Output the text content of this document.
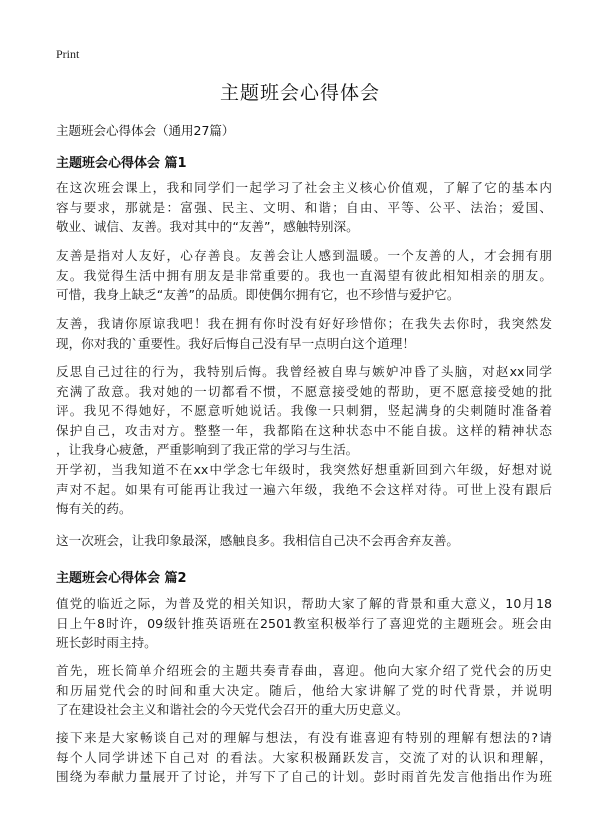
Print
主题班会心得体会
主题班会心得体会（通用27篇）
主题班会心得体会 篇1
在这次班会课上，我和同学们一起学习了社会主义核心价值观，了解了它的基本内
容与要求，那就是：富强、民主、文明、和谐；自由、平等、公平、法治；爱国、
敬业、诚信、友善。我对其中的“友善”，感触特别深。
友善是指对人友好，心存善良。友善会让人感到温暖。一个友善的人，才会拥有朋
友。我觉得生活中拥有朋友是非常重要的。我也一直渴望有彼此相知相亲的朋友。
可惜，我身上缺乏“友善”的品质。即使偶尔拥有它，也不珍惜与爱护它。
友善，我请你原谅我吧！我在拥有你时没有好好珍惜你；在我失去你时，我突然发
现，你对我的`重要性。我好后悔自己没有早一点明白这个道理！
反思自己过往的行为，我特别后悔。我曾经被自卑与嫉妒冲昏了头脑，对赵xx同学
充满了敌意。我对她的一切都看不惯，不愿意接受她的帮助，更不愿意接受她的批
评。我见不得她好，不愿意听她说话。我像一只刺猬，竖起满身的尖刺随时准备着
保护自己，攻击对方。整整一年，我都陷在这种状态中不能自拔。这样的精神状态
，让我身心疲惫，严重影响到了我正常的学习与生活。
开学初，当我知道不在xx中学念七年级时，我突然好想重新回到六年级，好想对说
声对不起。如果有可能再让我过一遍六年级，我绝不会这样对待。可世上没有跟后
悔有关的药。
这一次班会，让我印象最深，感触良多。我相信自己决不会再舍弃友善。
主题班会心得体会 篇2
值党的临近之际，为普及党的相关知识，帮助大家了解的背景和重大意义，10月18
日上午8时许，09级针推英语班在2501教室积极举行了喜迎党的主题班会。班会由
班长彭时雨主持。
首先，班长简单介绍班会的主题共奏青春曲，喜迎。他向大家介绍了党代会的历史
和历届党代会的时间和重大决定。随后，他给大家讲解了党的时代背景，并说明
了在建设社会主义和谐社会的今天党代会召开的重大历史意义。
接下来是大家畅谈自己对的理解与想法，有没有谁喜迎有特别的理解有想法的?请
每个人同学讲述下自己对 的看法。大家积极踊跃发言，交流了对的认识和理解，
围绕为奉献力量展开了讨论，并写下了自己的计划。彭时雨首先发言他指出作为班
